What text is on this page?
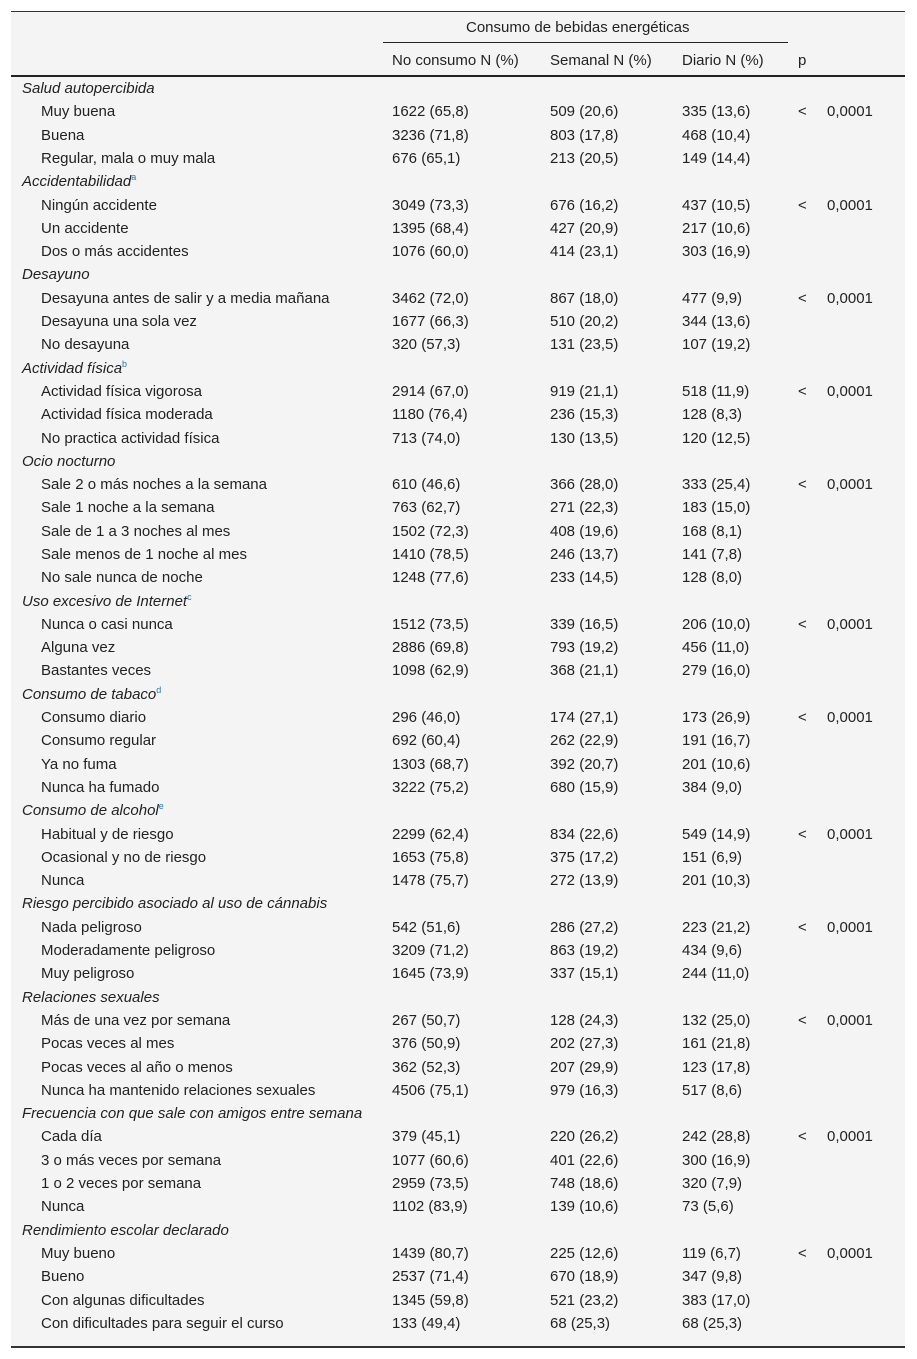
Consumo de bebidas energéticas
No consumo N (%) Semanal N (%) Diario N (%) p
Salud autopercibida
Muy buena	1622 (65,8)	509 (20,6)	335 (13,6)	< 0,0001
Buena	3236 (71,8)	803 (17,8)	468 (10,4)
Regular, mala o muy mala	676 (65,1)	213 (20,5)	149 (14,4)
Accidentabilidad$^a$
Ningún accidente	3049 (73,3)	676 (16,2)	437 (10,5)	< 0,0001
Un accidente	1395 (68,4)	427 (20,9)	217 (10,6)
Dos o más accidentes	1076 (60,0)	414 (23,1)	303 (16,9)
Desayuno
Desayuna antes de salir y a media mañana	3462 (72,0)	867 (18,0)	477 (9,9)	< 0,0001
Desayuna una sola vez	1677 (66,3)	510 (20,2)	344 (13,6)
No desayuna	320 (57,3)	131 (23,5)	107 (19,2)
Actividad física$^b$
Actividad física vigorosa	2914 (67,0)	919 (21,1)	518 (11,9)	< 0,0001
Actividad física moderada	1180 (76,4)	236 (15,3)	128 (8,3)
No practica actividad física	713 (74,0)	130 (13,5)	120 (12,5)
Ocio nocturno
Sale 2 o más noches a la semana	610 (46,6)	366 (28,0)	333 (25,4)	< 0,0001
Sale 1 noche a la semana	763 (62,7)	271 (22,3)	183 (15,0)
Sale de 1 a 3 noches al mes	1502 (72,3)	408 (19,6)	168 (8,1)
Sale menos de 1 noche al mes	1410 (78,5)	246 (13,7)	141 (7,8)
No sale nunca de noche	1248 (77,6)	233 (14,5)	128 (8,0)
Uso excesivo de Internet$^c$
Nunca o casi nunca	1512 (73,5)	339 (16,5)	206 (10,0)	< 0,0001
Alguna vez	2886 (69,8)	793 (19,2)	456 (11,0)
Bastantes veces	1098 (62,9)	368 (21,1)	279 (16,0)
Consumo de tabaco$^d$
Consumo diario	296 (46,0)	174 (27,1)	173 (26,9)	< 0,0001
Consumo regular	692 (60,4)	262 (22,9)	191 (16,7)
Ya no fuma	1303 (68,7)	392 (20,7)	201 (10,6)
Nunca ha fumado	3222 (75,2)	680 (15,9)	384 (9,0)
Consumo de alcohol$^e$
Habitual y de riesgo	2299 (62,4)	834 (22,6)	549 (14,9)	< 0,0001
Ocasional y no de riesgo	1653 (75,8)	375 (17,2)	151 (6,9)
Nunca	1478 (75,7)	272 (13,9)	201 (10,3)
Riesgo percibido asociado al uso de cánnabis
Nada peligroso	542 (51,6)	286 (27,2)	223 (21,2)	< 0,0001
Moderadamente peligroso	3209 (71,2)	863 (19,2)	434 (9,6)
Muy peligroso	1645 (73,9)	337 (15,1)	244 (11,0)
Relaciones sexuales
Más de una vez por semana	267 (50,7)	128 (24,3)	132 (25,0)	< 0,0001
Pocas veces al mes	376 (50,9)	202 (27,3)	161 (21,8)
Pocas veces al año o menos	362 (52,3)	207 (29,9)	123 (17,8)
Nunca ha mantenido relaciones sexuales	4506 (75,1)	979 (16,3)	517 (8,6)
Frecuencia con que sale con amigos entre semana
Cada día	379 (45,1)	220 (26,2)	242 (28,8)	< 0,0001
3 o más veces por semana	1077 (60,6)	401 (22,6)	300 (16,9)
1 o 2 veces por semana	2959 (73,5)	748 (18,6)	320 (7,9)
Nunca	1102 (83,9)	139 (10,6)	73 (5,6)
Rendimiento escolar declarado
Muy bueno	1439 (80,7)	225 (12,6)	119 (6,7)	< 0,0001
Bueno	2537 (71,4)	670 (18,9)	347 (9,8)
Con algunas dificultades	1345 (59,8)	521 (23,2)	383 (17,0)
Con dificultades para seguir el curso	133 (49,4)	68 (25,3)	68 (25,3)
